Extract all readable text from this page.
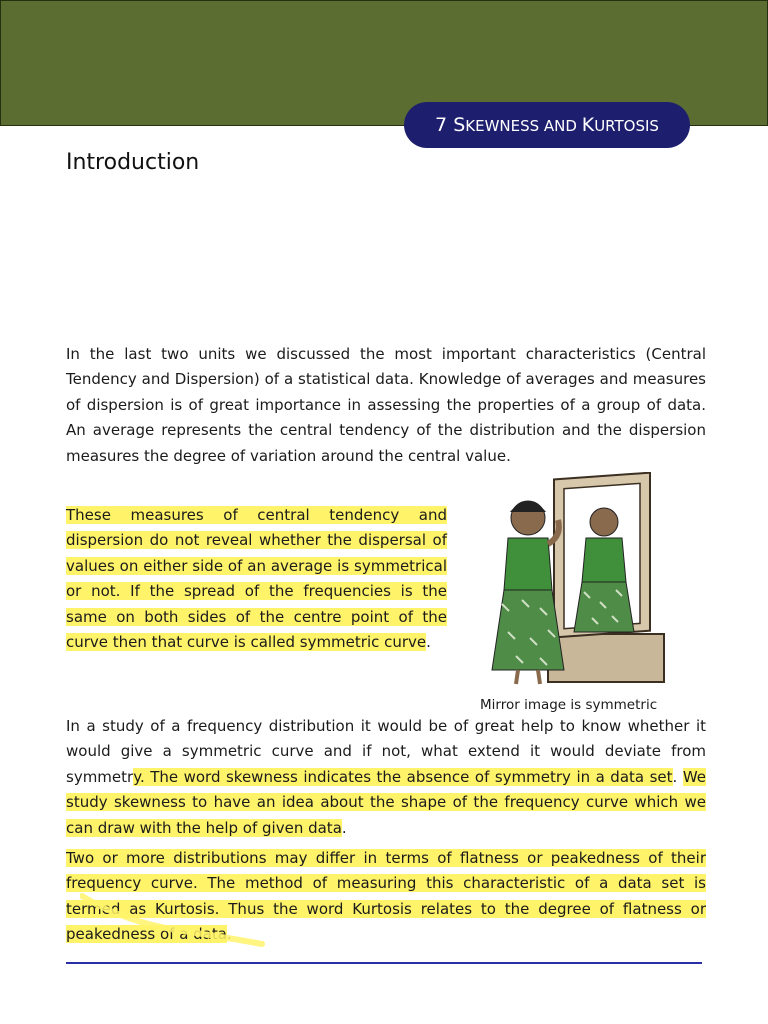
7 SKEWNESS AND KURTOSIS
Introduction

In the last two units we discussed the most important characteristics (Central Tendency and Dispersion) of a statistical data. Knowledge of averages and measures of dispersion is of great importance in assessing the properties of a group of data. An average represents the central tendency of the distribution and the dispersion measures the degree of variation around the central value.

These measures of central tendency and dispersion do not reveal whether the dispersal of values on either side of an average is symmetrical or not. If the spread of the frequencies is the same on both sides of the centre point of the curve then that curve is called symmetric curve.

Mirror image is symmetric

In a study of a frequency distribution it would be of great help to know whether it would give a symmetric curve and if not, what extend it would deviate from symmetry. The word skewness indicates the absence of symmetry in a data set. We study skewness to have an idea about the shape of the frequency curve which we can draw with the help of given data.

Two or more distributions may differ in terms of flatness or peakedness of their frequency curve. The method of measuring this characteristic of a data set is termed as Kurtosis. Thus the word Kurtosis relates to the degree of flatness or peakedness of a data.
